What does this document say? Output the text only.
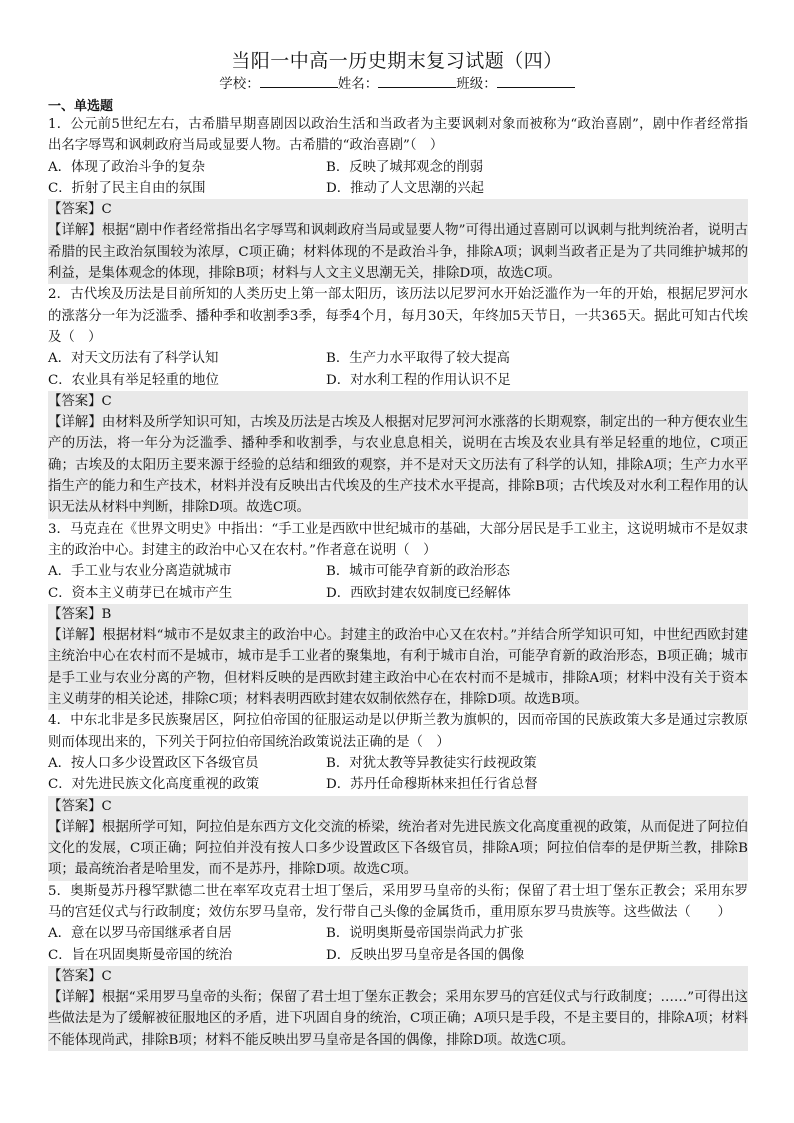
当阳一中高一历史期末复习试题（四）
学校：	姓名：	班级：
一、单选题

1．公元前5世纪左右，古希腊早期喜剧因以政治生活和当政者为主要讽刺对象而被称为“政治喜剧”，剧中作者经常指出名字辱骂和讽刺政府当局或显要人物。古希腊的“政治喜剧”（　）

A．体现了政治斗争的复杂	B．反映了城邦观念的削弱
C．折射了民主自由的氛围	D．推动了人文思潮的兴起

【答案】C

【详解】根据“剧中作者经常指出名字辱骂和讽刺政府当局或显要人物”可得出通过喜剧可以讽刺与批判统治者，说明古希腊的民主政治氛围较为浓厚，C项正确；材料体现的不是政治斗争，排除A项；讽刺当政者正是为了共同维护城邦的利益，是集体观念的体现，排除B项；材料与人文主义思潮无关，排除D项，故选C项。

2．古代埃及历法是目前所知的人类历史上第一部太阳历，该历法以尼罗河水开始泛滥作为一年的开始，根据尼罗河水的涨落分一年为泛滥季、播种季和收割季3季，每季4个月，每月30天，年终加5天节日，一共365天。据此可知古代埃及（　）

A．对天文历法有了科学认知	B．生产力水平取得了较大提高
C．农业具有举足轻重的地位	D．对水利工程的作用认识不足

【答案】C

【详解】由材料及所学知识可知，古埃及历法是古埃及人根据对尼罗河河水涨落的长期观察，制定出的一种方便农业生产的历法，将一年分为泛滥季、播种季和收割季，与农业息息相关，说明在古埃及农业具有举足轻重的地位，C项正确；古埃及的太阳历主要来源于经验的总结和细致的观察，并不是对天文历法有了科学的认知，排除A项；生产力水平指生产的能力和生产技术，材料并没有反映出古代埃及的生产技术水平提高，排除B项；古代埃及对水利工程作用的认识无法从材料中判断，排除D项。故选C项。

3．马克垚在《世界文明史》中指出：“手工业是西欧中世纪城市的基础，大部分居民是手工业主，这说明城市不是奴隶主的政治中心。封建主的政治中心又在农村。”作者意在说明（　）

A．手工业与农业分离造就城市	B．城市可能孕育新的政治形态
C．资本主义萌芽已在城市产生	D．西欧封建农奴制度已经解体

【答案】B

【详解】根据材料“城市不是奴隶主的政治中心。封建主的政治中心又在农村。”并结合所学知识可知，中世纪西欧封建主统治中心在农村而不是城市，城市是手工业者的聚集地，有利于城市自治，可能孕育新的政治形态，B项正确；城市是手工业与农业分离的产物，但材料反映的是西欧封建主政治中心在农村而不是城市，排除A项；材料中没有关于资本主义萌芽的相关论述，排除C项；材料表明西欧封建农奴制依然存在，排除D项。故选B项。

4．中东北非是多民族聚居区，阿拉伯帝国的征服运动是以伊斯兰教为旗帜的，因而帝国的民族政策大多是通过宗教原则而体现出来的，下列关于阿拉伯帝国统治政策说法正确的是（　）

A．按人口多少设置政区下各级官员	B．对犹太教等异教徒实行歧视政策
C．对先进民族文化高度重视的政策	D．苏丹任命穆斯林来担任行省总督

【答案】C

【详解】根据所学可知，阿拉伯是东西方文化交流的桥梁，统治者对先进民族文化高度重视的政策，从而促进了阿拉伯文化的发展，C项正确；阿拉伯并没有按人口多少设置政区下各级官员，排除A项；阿拉伯信奉的是伊斯兰教，排除B项；最高统治者是哈里发，而不是苏丹，排除D项。故选C项。

5．奥斯曼苏丹穆罕默德二世在率军攻克君士坦丁堡后，采用罗马皇帝的头衔；保留了君士坦丁堡东正教会；采用东罗马的宫廷仪式与行政制度；效仿东罗马皇帝，发行带自己头像的金属货币，重用原东罗马贵族等。这些做法（　　）

A．意在以罗马帝国继承者自居	B．说明奥斯曼帝国崇尚武力扩张
C．旨在巩固奥斯曼帝国的统治	D．反映出罗马皇帝是各国的偶像

【答案】C

【详解】根据“采用罗马皇帝的头衔；保留了君士坦丁堡东正教会；采用东罗马的宫廷仪式与行政制度；……”可得出这些做法是为了缓解被征服地区的矛盾，进下巩固自身的统治，C项正确；A项只是手段，不是主要目的，排除A项；材料不能体现尚武，排除B项；材料不能反映出罗马皇帝是各国的偶像，排除D项。故选C项。
